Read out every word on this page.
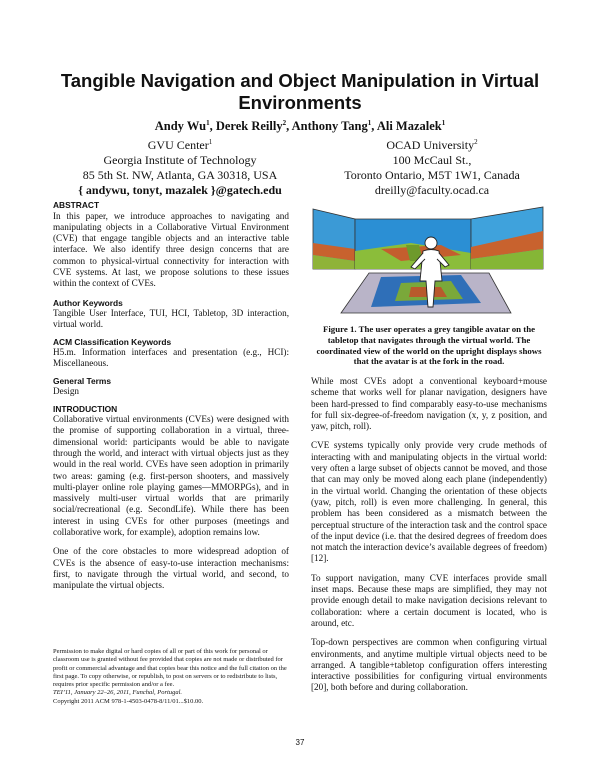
Tangible Navigation and Object Manipulation in Virtual Environments

Andy Wu$^1$, Derek Reilly$^2$, Anthony Tang$^1$, Ali Mazalek$^1$

GVU Center$^1$
Georgia Institute of Technology
85 5th St. NW, Atlanta, GA 30318, USA
{ andywu, tonyt, mazalek }@gatech.edu
OCAD University$^2$
100 McCaul St.,
Toronto Ontario, M5T 1W1, Canada
dreilly@faculty.ocad.ca

ABSTRACT

In this paper, we introduce approaches to navigating and manipulating objects in a Collaborative Virtual Environment (CVE) that engage tangible objects and an interactive table interface. We also identify three design concerns that are common to physical-virtual connectivity for interaction with CVE systems. At last, we propose solutions to these issues within the context of CVEs.

Author Keywords

Tangible User Interface, TUI, HCI, Tabletop, 3D interaction, virtual world.

ACM Classification Keywords

H5.m. Information interfaces and presentation (e.g., HCI): Miscellaneous.

General Terms

Design

INTRODUCTION

Collaborative virtual environments (CVEs) were designed with the promise of supporting collaboration in a virtual, three-dimensional world: participants would be able to navigate through the world, and interact with virtual objects just as they would in the real world. CVEs have seen adoption in primarily two areas: gaming (e.g. first-person shooters, and massively multi-player online role playing games—MMORPGs), and in massively multi-user virtual worlds that are primarily social/recreational (e.g. SecondLife). While there has been interest in using CVEs for other purposes (meetings and collaborative work, for example), adoption remains low.

One of the core obstacles to more widespread adoption of CVEs is the absence of easy-to-use interaction mechanisms: first, to navigate through the virtual world, and second, to manipulate the virtual objects.

Permission to make digital or hard copies of all or part of this work for personal or classroom use is granted without fee provided that copies are not made or distributed for profit or commercial advantage and that copies bear this notice and the full citation on the first page. To copy otherwise, or republish, to post on servers or to redistribute to lists, requires prior specific permission and/or a fee.
TEI’11, January 22–26, 2011, Funchal, Portugal.
Copyright 2011 ACM 978-1-4503-0478-8/11/01...$10.00.
Figure 1. The user operates a grey tangible avatar on the tabletop that navigates through the virtual world. The coordinated view of the world on the upright displays shows that the avatar is at the fork in the road.

While most CVEs adopt a conventional keyboard+mouse scheme that works well for planar navigation, designers have been hard-pressed to find comparably easy-to-use mechanisms for full six-degree-of-freedom navigation (x, y, z position, and yaw, pitch, roll).

CVE systems typically only provide very crude methods of interacting with and manipulating objects in the virtual world: very often a large subset of objects cannot be moved, and those that can may only be moved along each plane (independently) in the virtual world. Changing the orientation of these objects (yaw, pitch, roll) is even more challenging. In general, this problem has been considered as a mismatch between the perceptual structure of the interaction task and the control space of the input device (i.e. that the desired degrees of freedom does not match the interaction device’s available degrees of freedom) [12].

To support navigation, many CVE interfaces provide small inset maps. Because these maps are simplified, they may not provide enough detail to make navigation decisions relevant to collaboration: where a certain document is located, who is around, etc.

Top-down perspectives are common when configuring virtual environments, and anytime multiple virtual objects need to be arranged. A tangible+tabletop configuration offers interesting interactive possibilities for configuring virtual environments [20], both before and during collaboration.

37
